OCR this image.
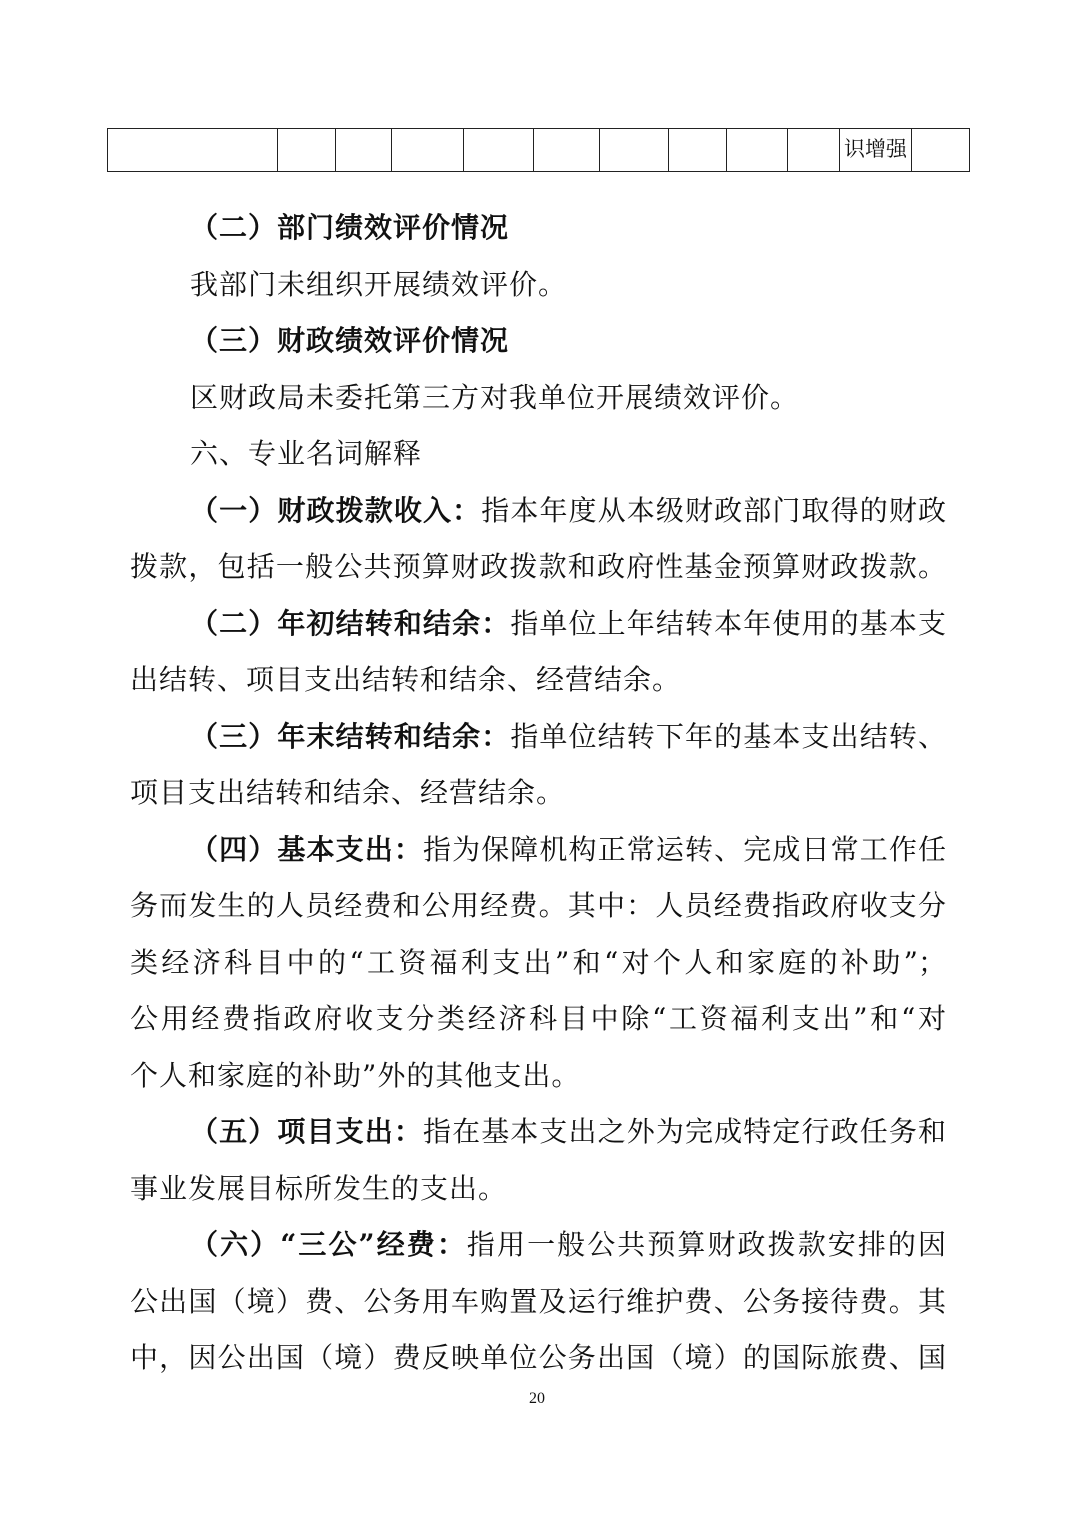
										识增强	
（二）部门绩效评价情况
我部门未组织开展绩效评价。
（三）财政绩效评价情况
区财政局未委托第三方对我单位开展绩效评价。
六、专业名词解释
（一）财政拨款收入：指本年度从本级财政部门取得的财政
拨款，包括一般公共预算财政拨款和政府性基金预算财政拨款。
（二）年初结转和结余：指单位上年结转本年使用的基本支
出结转、项目支出结转和结余、经营结余。
（三）年末结转和结余：指单位结转下年的基本支出结转、
项目支出结转和结余、经营结余。
（四）基本支出：指为保障机构正常运转、完成日常工作任
务而发生的人员经费和公用经费。其中：人员经费指政府收支分
类经济科目中的“工资福利支出”和“对个人和家庭的补助”；
公用经费指政府收支分类经济科目中除“工资福利支出”和“对
个人和家庭的补助”外的其他支出。
（五）项目支出：指在基本支出之外为完成特定行政任务和
事业发展目标所发生的支出。
（六）“三公”经费：指用一般公共预算财政拨款安排的因
公出国（境）费、公务用车购置及运行维护费、公务接待费。其
中，因公出国（境）费反映单位公务出国（境）的国际旅费、国
20
